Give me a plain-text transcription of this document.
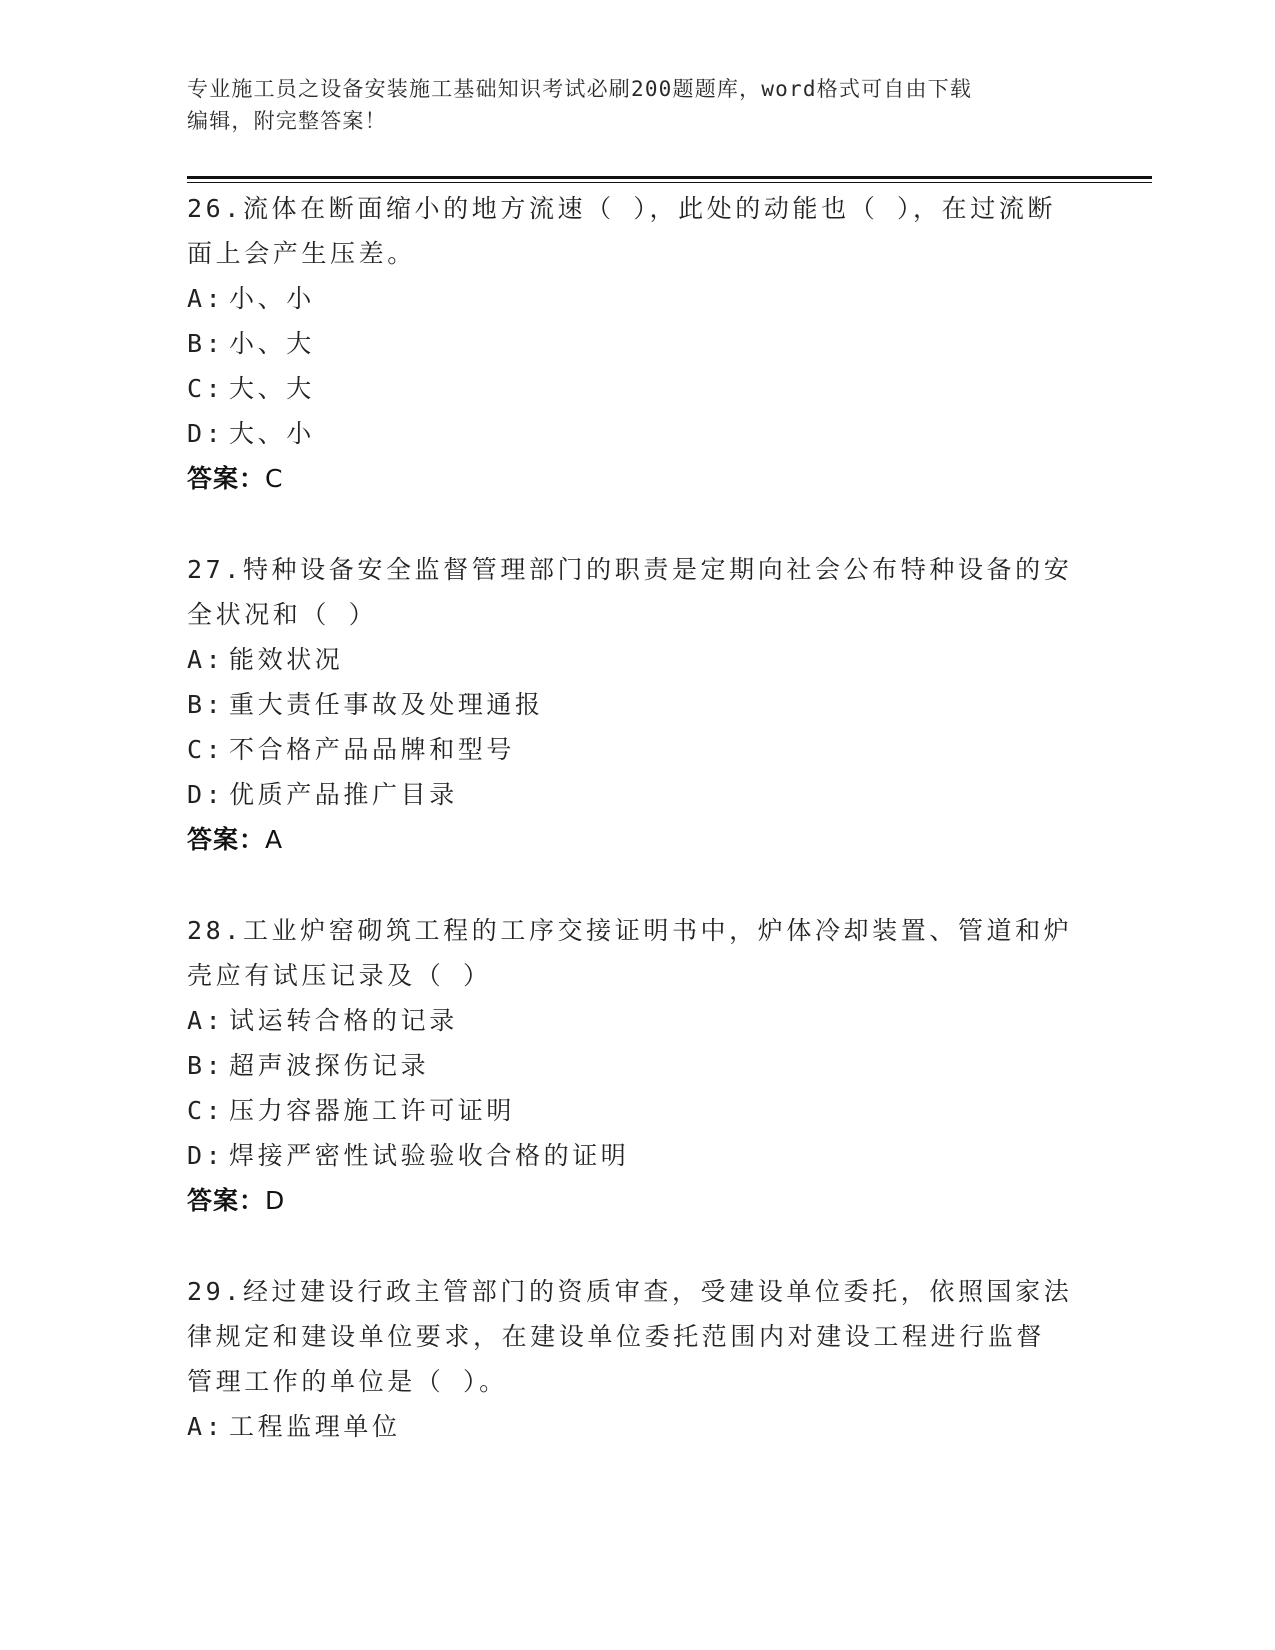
专业施工员之设备安装施工基础知识考试必刷200题题库，word格式可自由下载
编辑，附完整答案！
26.流体在断面缩小的地方流速（ ），此处的动能也（ ），在过流断
面上会产生压差。
A: 小、小
B: 小、大
C: 大、大
D: 大、小
答案：C
27.特种设备安全监督管理部门的职责是定期向社会公布特种设备的安
全状况和（ ）
A: 能效状况
B: 重大责任事故及处理通报
C: 不合格产品品牌和型号
D: 优质产品推广目录
答案：A
28.工业炉窑砌筑工程的工序交接证明书中，炉体冷却装置、管道和炉
壳应有试压记录及（ ）
A: 试运转合格的记录
B: 超声波探伤记录
C: 压力容器施工许可证明
D: 焊接严密性试验验收合格的证明
答案：D
29.经过建设行政主管部门的资质审查，受建设单位委托，依照国家法
律规定和建设单位要求，在建设单位委托范围内对建设工程进行监督
管理工作的单位是（ ）。
A: 工程监理单位
